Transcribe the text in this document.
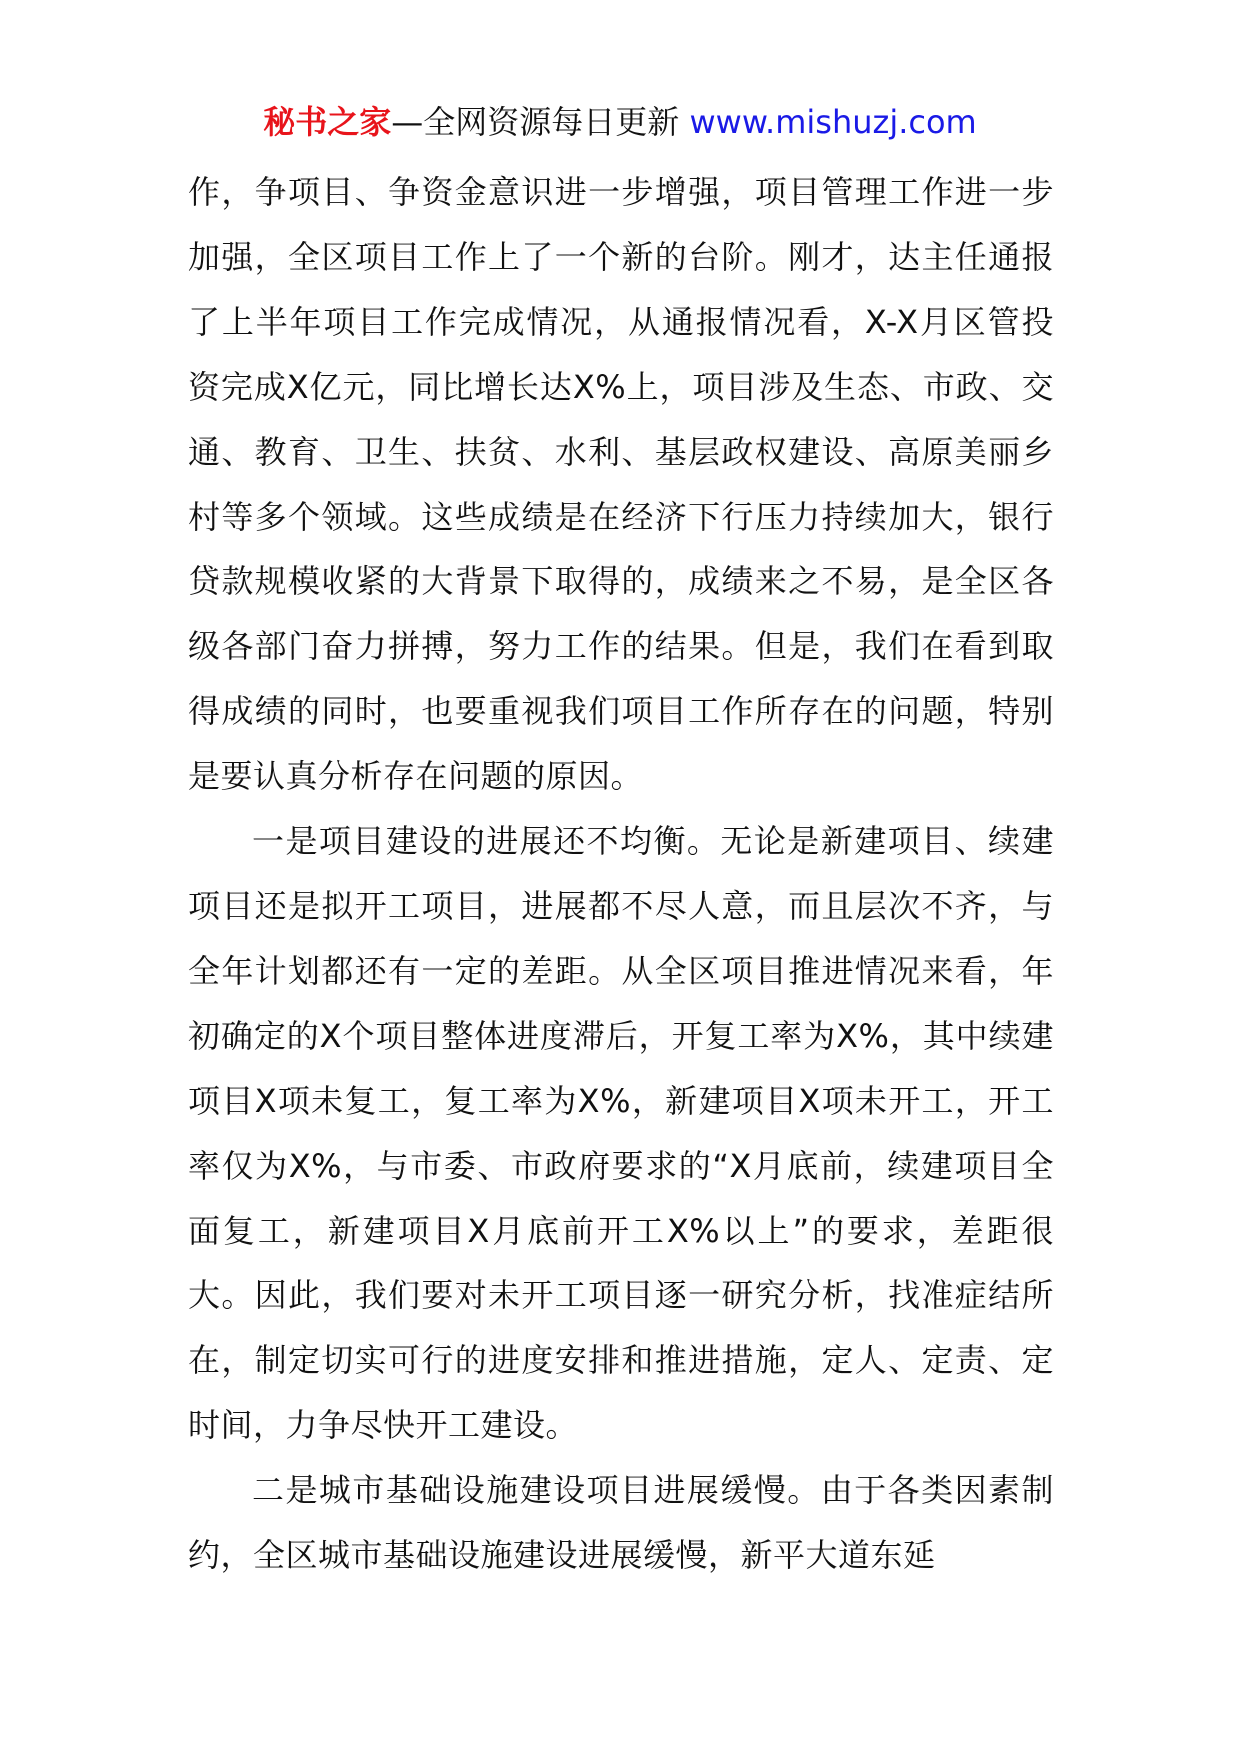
秘书之家—全网资源每日更新 www.mishuzj.com

作，争项目、争资金意识进一步增强，项目管理工作进一步加强，全区项目工作上了一个新的台阶。刚才，达主任通报了上半年项目工作完成情况，从通报情况看，X-X月区管投资完成X亿元，同比增长达X%上，项目涉及生态、市政、交通、教育、卫生、扶贫、水利、基层政权建设、高原美丽乡村等多个领域。这些成绩是在经济下行压力持续加大，银行贷款规模收紧的大背景下取得的，成绩来之不易，是全区各级各部门奋力拼搏，努力工作的结果。但是，我们在看到取得成绩的同时，也要重视我们项目工作所存在的问题，特别是要认真分析存在问题的原因。

一是项目建设的进展还不均衡。无论是新建项目、续建项目还是拟开工项目，进展都不尽人意，而且层次不齐，与全年计划都还有一定的差距。从全区项目推进情况来看，年初确定的X个项目整体进度滞后，开复工率为X%，其中续建项目X项未复工，复工率为X%，新建项目X项未开工，开工率仅为X%，与市委、市政府要求的“X月底前，续建项目全面复工，新建项目X月底前开工X%以上”的要求，差距很大。因此，我们要对未开工项目逐一研究分析，找准症结所在，制定切实可行的进度安排和推进措施，定人、定责、定时间，力争尽快开工建设。

二是城市基础设施建设项目进展缓慢。由于各类因素制约，全区城市基础设施建设进展缓慢，新平大道东延
